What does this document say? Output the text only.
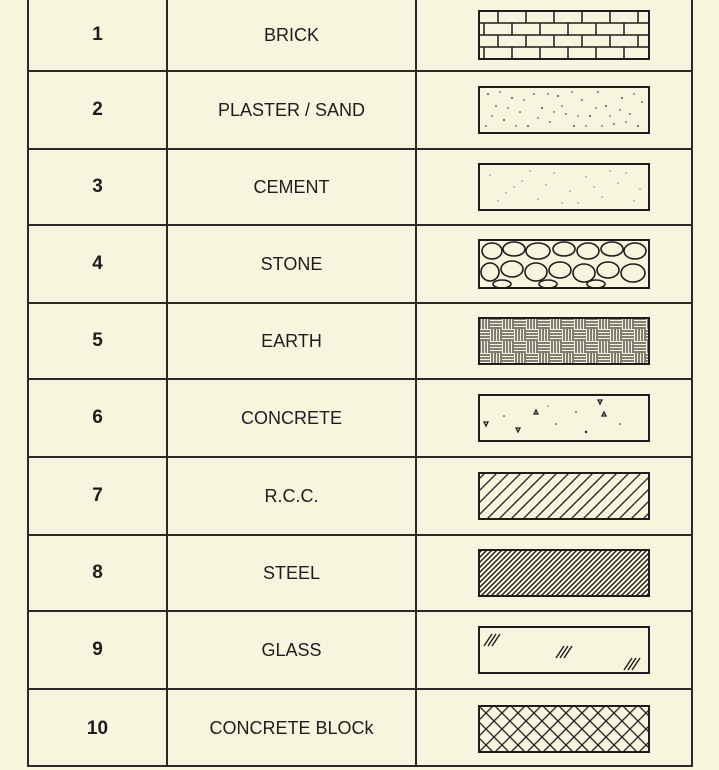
1	BRICK
2	PLASTER / SAND
3	CEMENT
4	STONE
5	EARTH
6	CONCRETE
7	R.C.C.
8	STEEL
9	GLASS
10	CONCRETE BLOCk
